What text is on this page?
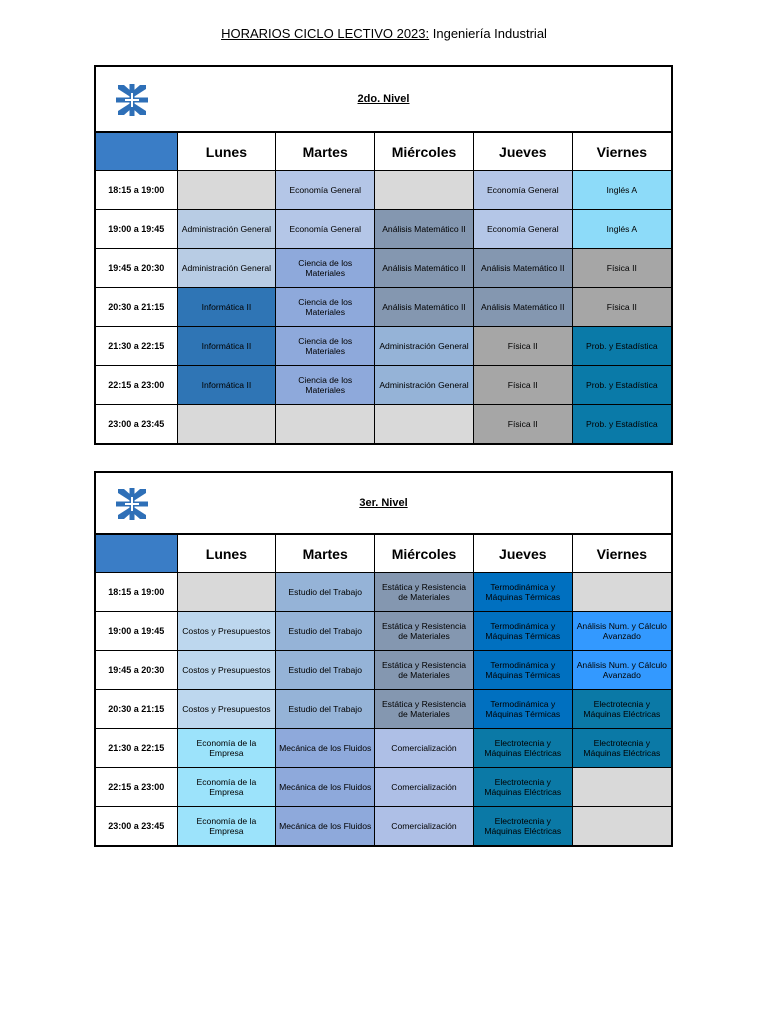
HORARIOS CICLO LECTIVO 2023: Ingeniería Industrial
2do. Nivel
	Lunes	Martes	Miércoles	Jueves	Viernes
18:15 a 19:00		Economía General		Economía General	Inglés A
19:00 a 19:45	Administración General	Economía General	Análisis Matemático II	Economía General	Inglés A
19:45 a 20:30	Administración General	Ciencia de los Materiales	Análisis Matemático II	Análisis Matemático II	Física II
20:30 a 21:15	Informática II	Ciencia de los Materiales	Análisis Matemático II	Análisis Matemático II	Física II
21:30 a 22:15	Informática II	Ciencia de los Materiales	Administración General	Física II	Prob. y Estadística
22:15 a 23:00	Informática II	Ciencia de los Materiales	Administración General	Física II	Prob. y Estadística
23:00 a 23:45				Física II	Prob. y Estadística
3er. Nivel
	Lunes	Martes	Miércoles	Jueves	Viernes
18:15 a 19:00		Estudio del Trabajo	Estática y Resistencia de Materiales	Termodinámica y Máquinas Térmicas	
19:00 a 19:45	Costos y Presupuestos	Estudio del Trabajo	Estática y Resistencia de Materiales	Termodinámica y Máquinas Térmicas	Análisis Num. y Cálculo Avanzado
19:45 a 20:30	Costos y Presupuestos	Estudio del Trabajo	Estática y Resistencia de Materiales	Termodinámica y Máquinas Térmicas	Análisis Num. y Cálculo Avanzado
20:30 a 21:15	Costos y Presupuestos	Estudio del Trabajo	Estática y Resistencia de Materiales	Termodinámica y Máquinas Térmicas	Electrotecnia y Máquinas Eléctricas
21:30 a 22:15	Economía de la Empresa	Mecánica de los Fluidos	Comercialización	Electrotecnia y Máquinas Eléctricas	Electrotecnia y Máquinas Eléctricas
22:15 a 23:00	Economía de la Empresa	Mecánica de los Fluidos	Comercialización	Electrotecnia y Máquinas Eléctricas	
23:00 a 23:45	Economía de la Empresa	Mecánica de los Fluidos	Comercialización	Electrotecnia y Máquinas Eléctricas	
